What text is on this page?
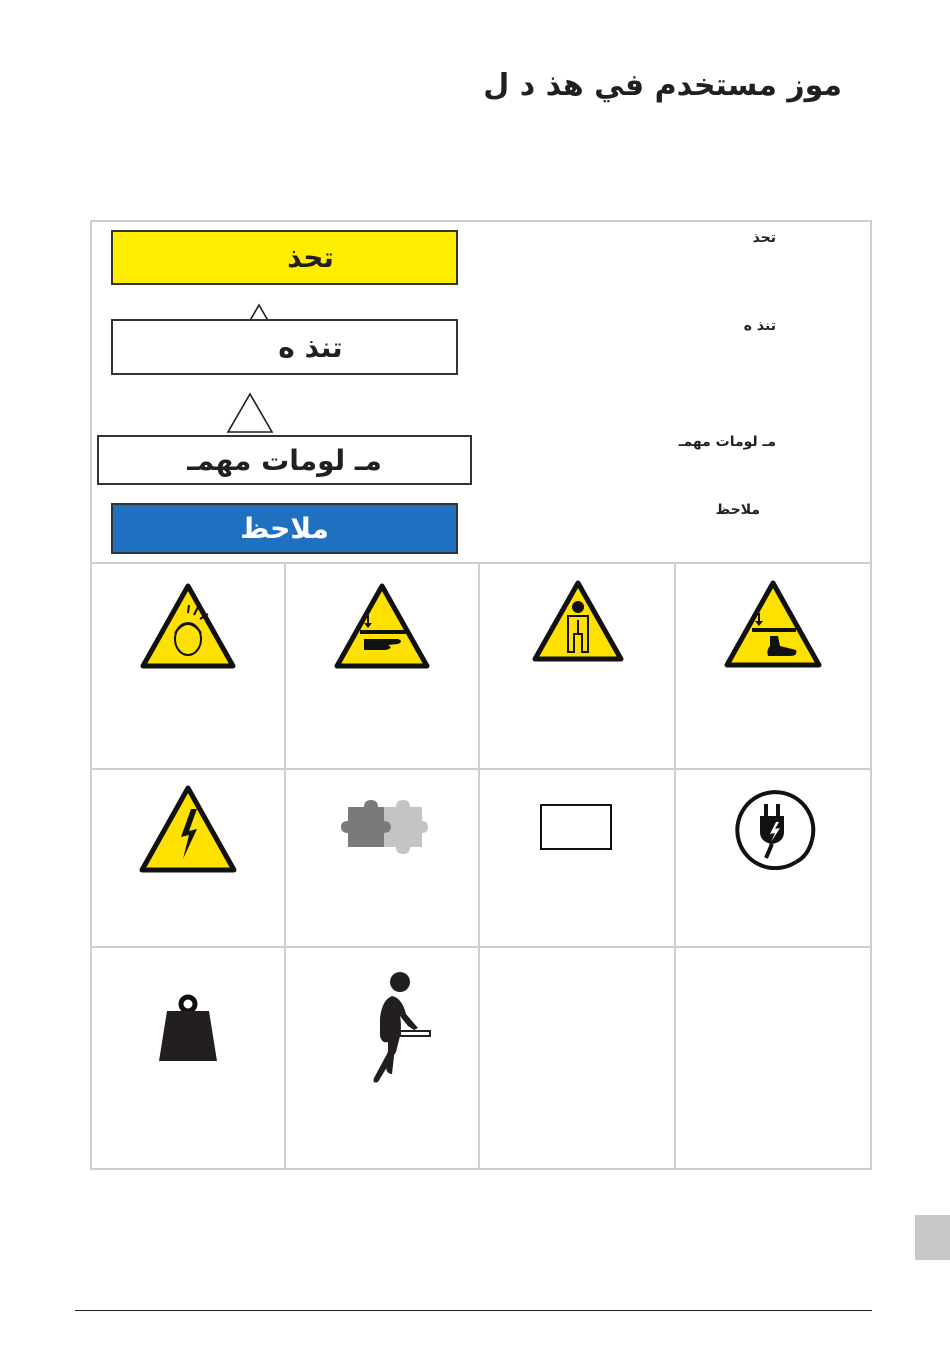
موز مستخدم في هذ د ل
تحذ

تنذ ه

مـ لومات مهمـ
ملاحظ
تحذ
تنذ ه
مـ لومات مهمـ
ملاحظ
